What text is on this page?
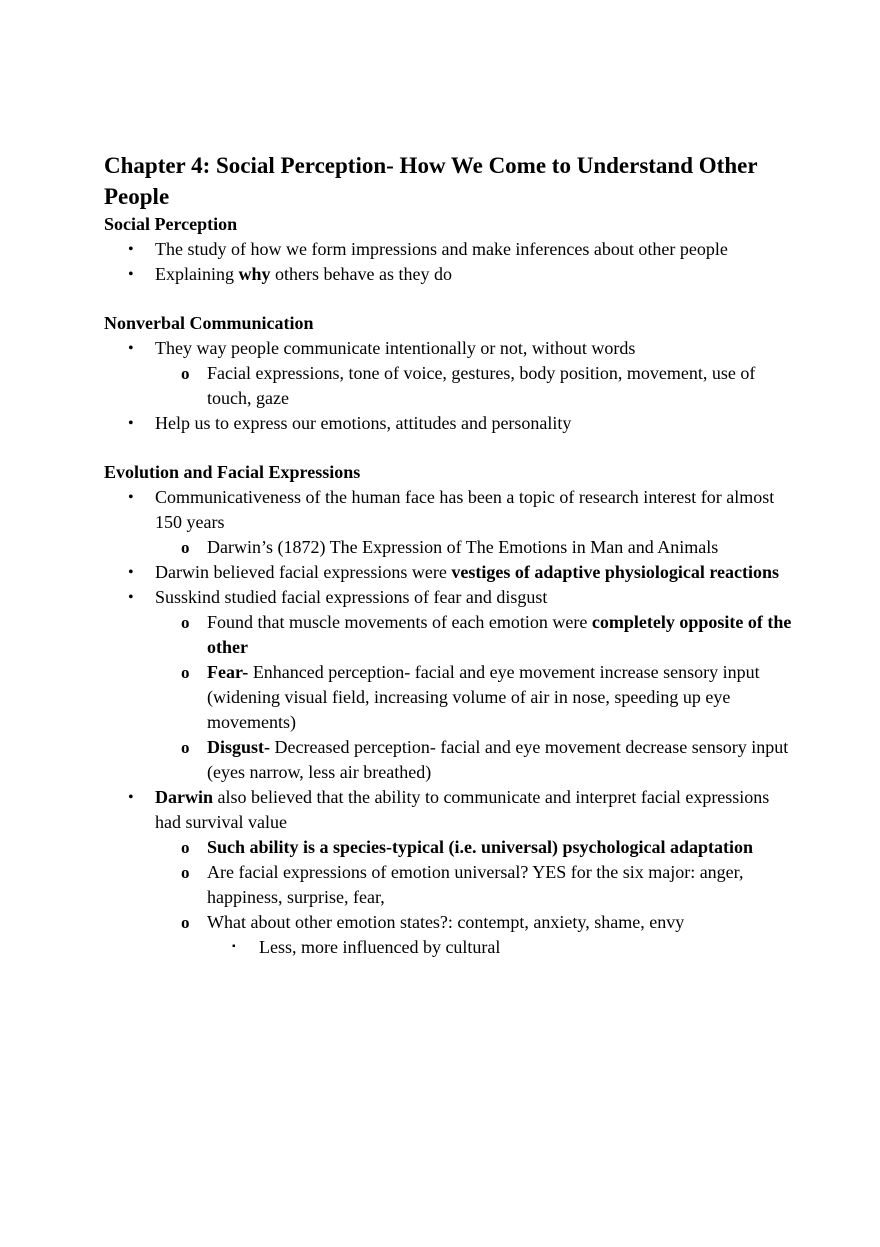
Chapter 4: Social Perception- How We Come to Understand Other People
Social Perception
• The study of how we form impressions and make inferences about other people
• Explaining why others behave as they do
Nonverbal Communication
• They way people communicate intentionally or not, without words
o Facial expressions, tone of voice, gestures, body position, movement, use of touch, gaze
• Help us to express our emotions, attitudes and personality
Evolution and Facial Expressions
• Communicativeness of the human face has been a topic of research interest for almost 150 years
o Darwin’s (1872) The Expression of The Emotions in Man and Animals
• Darwin believed facial expressions were vestiges of adaptive physiological reactions
• Susskind studied facial expressions of fear and disgust
o Found that muscle movements of each emotion were completely opposite of the other
o Fear- Enhanced perception- facial and eye movement increase sensory input (widening visual field, increasing volume of air in nose, speeding up eye movements)
o Disgust- Decreased perception- facial and eye movement decrease sensory input (eyes narrow, less air breathed)
• Darwin also believed that the ability to communicate and interpret facial expressions had survival value
o Such ability is a species-typical (i.e. universal) psychological adaptation
o Are facial expressions of emotion universal? YES for the six major: anger, happiness, surprise, fear,
o What about other emotion states?: contempt, anxiety, shame, envy
▪ Less, more influenced by cultural
